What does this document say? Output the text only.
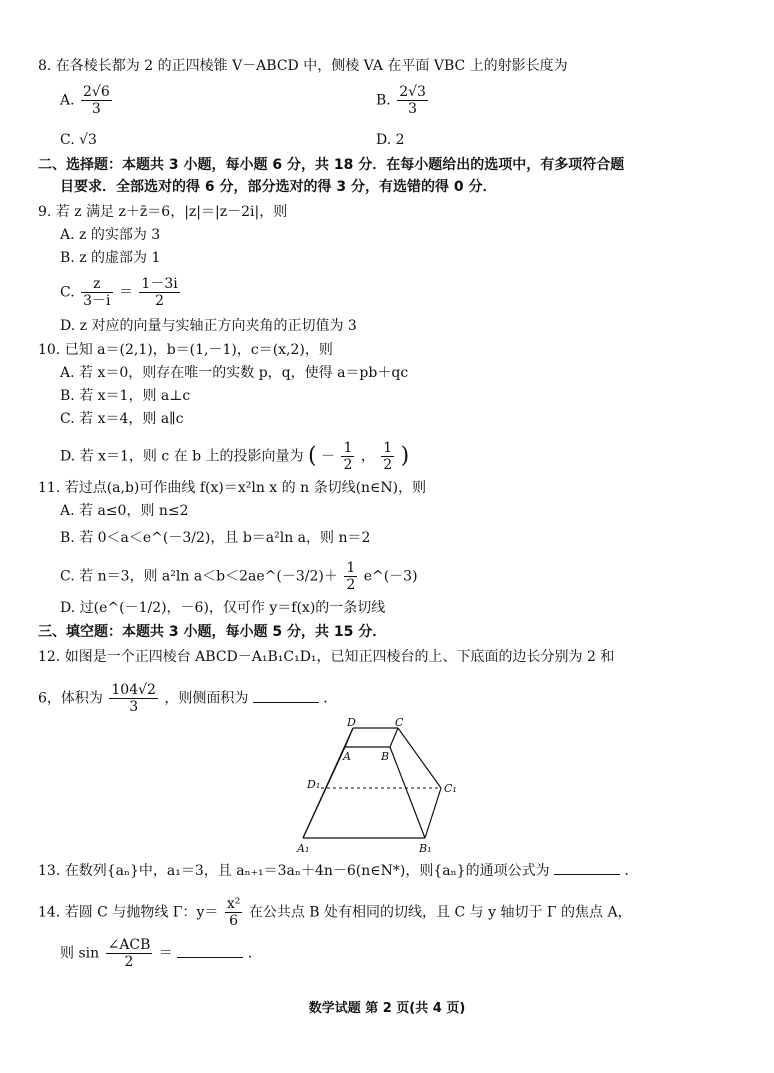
8. 在各棱长都为 2 的正四棱锥 V－ABCD 中，侧棱 VA 在平面 VBC 上的射影长度为
A. $\frac{2√6}{3}$	B. $\frac{2√3}{3}$
C. √3	D. 2
二、选择题：本题共 3 小题，每小题 6 分，共 18 分．在每小题给出的选项中，有多项符合题
目要求．全部选对的得 6 分，部分选对的得 3 分，有选错的得 0 分．
9. 若 z 满足 z＋z̄＝6，|z|＝|z－2i|，则
A. z 的实部为 3
B. z 的虚部为 1
C. $\frac{z}{3-i} = \frac{1-3i}{2}$
D. z 对应的向量与实轴正方向夹角的正切值为 3
10. 已知 a＝(2,1)，b＝(1,－1)，c＝(x,2)，则
A. 若 x＝0，则存在唯一的实数 p，q，使得 a＝pb＋qc
B. 若 x＝1，则 a⊥c
C. 若 x＝4，则 a∥c
D. 若 x＝1，则 c 在 b 上的投影向量为 ( － $\frac{1}{2}$ ， $\frac{1}{2}$ )
11. 若过点(a,b)可作曲线 f(x)＝x²ln x 的 n 条切线(n∈N)，则
A. 若 a≤0，则 n≤2
B. 若 0＜a＜e^(－3/2)，且 b＝a²ln a，则 n＝2
C. 若 n＝3，则 a²ln a＜b＜2ae^(－3/2)＋ $\frac{1}{2}$ e^(－3)
D. 过(e^(－1/2)，－6)，仅可作 y＝f(x)的一条切线
三、填空题：本题共 3 小题，每小题 5 分，共 15 分．
12. 如图是一个正四棱台 ABCD－A₁B₁C₁D₁，已知正四棱台的上、下底面的边长分别为 2 和
6，体积为 $\frac{104√2}{3}$ ，则侧面积为	．
D	C
A	B
D₁	C₁
A₁	B₁
13. 在数列{aₙ}中，a₁＝3，且 aₙ₊₁＝3aₙ＋4n－6(n∈N*)，则{aₙ}的通项公式为	．
14. 若圆 C 与抛物线 Γ：$y= \frac{\text{x²}}{6}$ 在公共点 B 处有相同的切线，且 C 与 y 轴切于 Γ 的焦点 A，
则 $\sin \frac{\text{∠ACB}}{2}$ ＝	．
数学试题 第 2 页(共 4 页)
